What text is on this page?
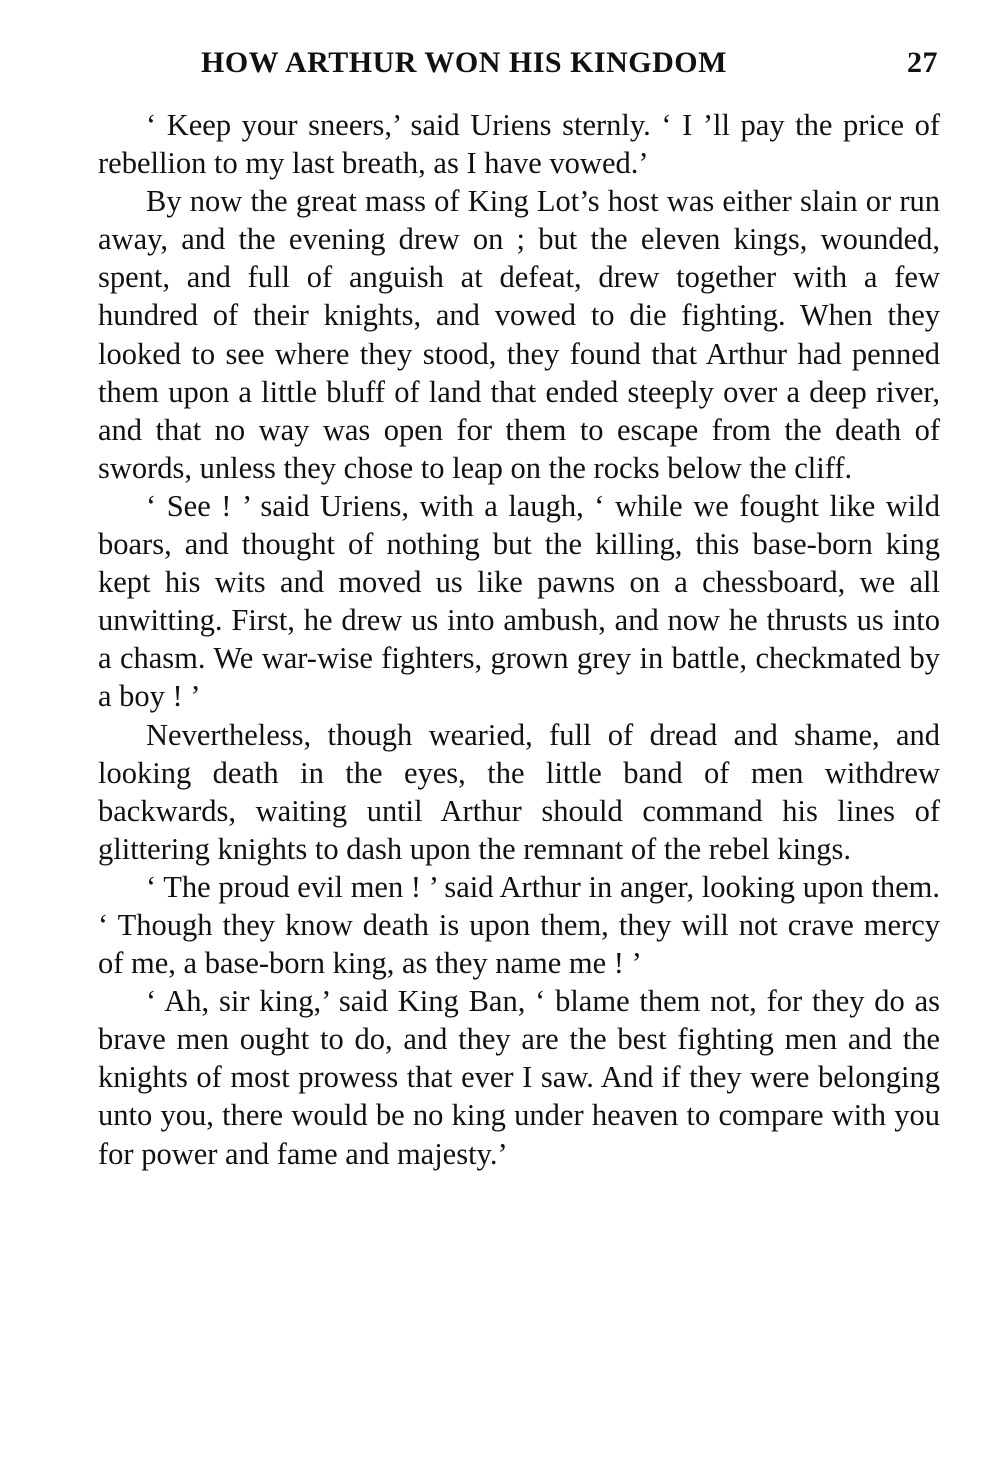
HOW ARTHUR WON HIS KINGDOM	27

‘ Keep your sneers,’ said Uriens sternly. ‘ I ’ll pay the price of rebellion to my last breath, as I have vowed.’

By now the great mass of King Lot’s host was either slain or run away, and the evening drew on ; but the eleven kings, wounded, spent, and full of anguish at defeat, drew together with a few hundred of their knights, and vowed to die fighting. When they looked to see where they stood, they found that Arthur had penned them upon a little bluff of land that ended steeply over a deep river, and that no way was open for them to escape from the death of swords, unless they chose to leap on the rocks below the cliff.

‘ See ! ’ said Uriens, with a laugh, ‘ while we fought like wild boars, and thought of nothing but the killing, this base-born king kept his wits and moved us like pawns on a chessboard, we all unwitting. First, he drew us into ambush, and now he thrusts us into a chasm. We war-wise fighters, grown grey in battle, checkmated by a boy ! ’

Nevertheless, though wearied, full of dread and shame, and looking death in the eyes, the little band of men withdrew backwards, waiting until Arthur should command his lines of glittering knights to dash upon the remnant of the rebel kings.

‘ The proud evil men ! ’ said Arthur in anger, looking upon them. ‘ Though they know death is upon them, they will not crave mercy of me, a base-born king, as they name me ! ’

‘ Ah, sir king,’ said King Ban, ‘ blame them not, for they do as brave men ought to do, and they are the best fighting men and the knights of most prowess that ever I saw. And if they were belonging unto you, there would be no king under heaven to compare with you for power and fame and majesty.’
